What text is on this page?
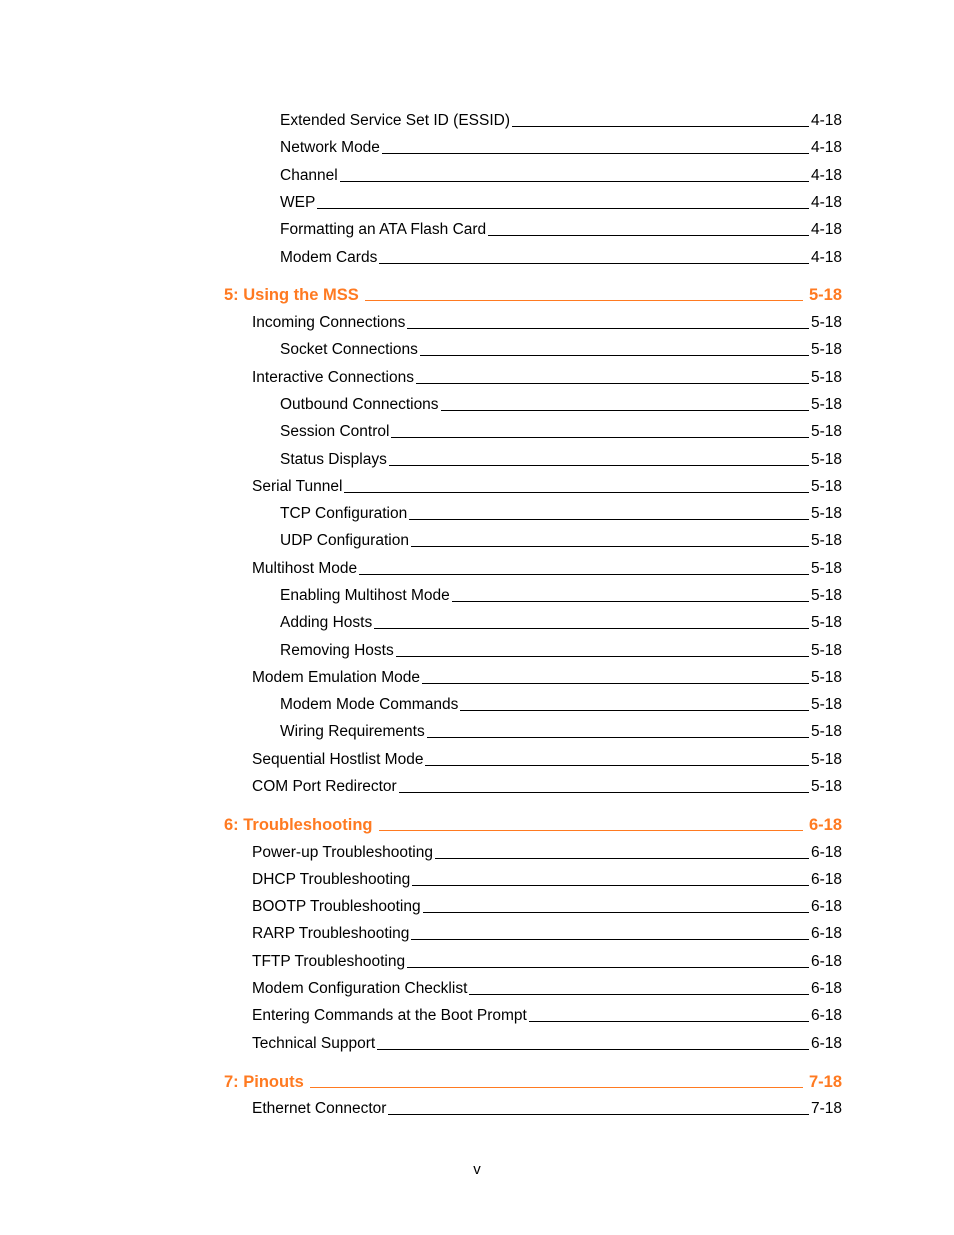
Extended Service Set ID (ESSID)	4-18
Network Mode	4-18
Channel	4-18
WEP	4-18
Formatting an ATA Flash Card	4-18
Modem Cards	4-18
5: Using the MSS	5-18
Incoming Connections	5-18
Socket Connections	5-18
Interactive Connections	5-18
Outbound Connections	5-18
Session Control	5-18
Status Displays	5-18
Serial Tunnel	5-18
TCP Configuration	5-18
UDP Configuration	5-18
Multihost Mode	5-18
Enabling Multihost Mode	5-18
Adding Hosts	5-18
Removing Hosts	5-18
Modem Emulation Mode	5-18
Modem Mode Commands	5-18
Wiring Requirements	5-18
Sequential Hostlist Mode	5-18
COM Port Redirector	5-18
6: Troubleshooting	6-18
Power-up Troubleshooting	6-18
DHCP Troubleshooting	6-18
BOOTP Troubleshooting	6-18
RARP Troubleshooting	6-18
TFTP Troubleshooting	6-18
Modem Configuration Checklist	6-18
Entering Commands at the Boot Prompt	6-18
Technical Support	6-18
7: Pinouts	7-18
Ethernet Connector	7-18
v
